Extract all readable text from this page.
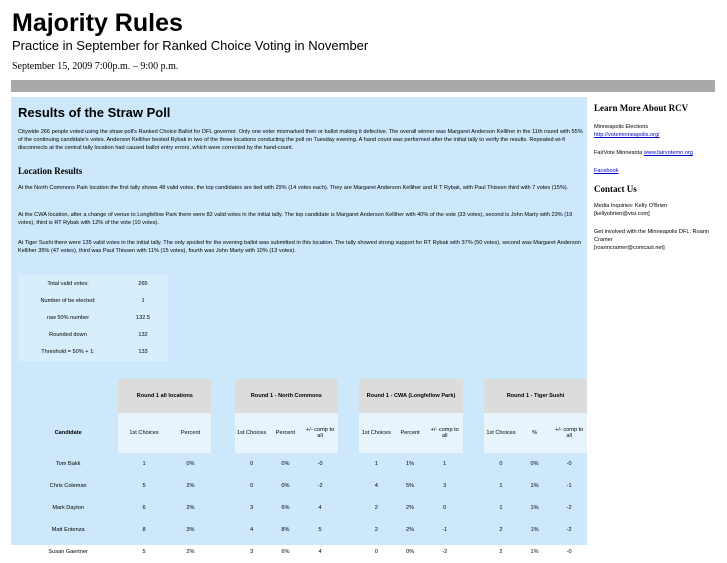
Majority Rules

Practice in September for Ranked Choice Voting in November

September 15, 2009 7:00p.m. – 9:00 p.m.
Results of the Straw Poll

Citywide 266 people voted using the straw poll's Ranked Choice Ballot for DFL governor. Only one voter mismarked their or ballot making it defective. The overall winner was Margaret Anderson Kelliher in the 11th round with 55% of the continuing candidate's votes. Anderson Kelliher bested Rybak in two of the three locations conducting the poll on Tuesday evening. A hand count was performed after the initial tally to verify the results. Repeated wi-fi disconnects at the central tally location had caused ballot entry errors, which were corrected by the hand-count.

Location Results

At the North Commons Park location the first tally shows 48 valid votes, the top candidates are tied with 29% (14 votes each). They are Margaret Anderson Kelliher and R T Rybak, with Paul Thissen third with 7 votes (15%).

At the CWA location, after a change of venue to Longfellow Park there were 82 valid votes in the initial tally. The top candidate is Margaret Anderson Kelliher with 40% of the vote (33 votes), second is John Marty with 23% (19 votes), third is RT Rybak with 12% of the vote (10 votes).

At Tiger Sushi there were 135 valid votes in the initial tally. The only spoiled for the evening ballot was submitted in this location. The tally showed strong support for RT Rybak with 37% (50 votes), second was Margaret Anderson Kelliher 35% (47 votes), third was Paul Thissen with 11% (15 votes), fourth was John Marty with 10% (13 votes).

Total valid votes:	265
Number of be elected:	1
raw 50% number	132.5
Rounded down	132
Threshold = 50% + 1:	133
	Round 1 all locations			Round 1 - North Commons				Round 1 - CWA (Longfellow Park)				Round 1 - Tiger Sushi		
Candidate	1st Choices	Percent		1st Choices	Percent	+/- comp to all		1st Choices	Percent	+/- comp to all		1st Choices	%	+/- comp to all
Tom Bakk	1	0%		0	0%	-0		1	1%	1		0	0%	-0
Chris Coleman	5	2%		0	0%	-2		4	5%	3		1	1%	-1
Mark Dayton	6	2%		3	6%	4		2	2%	0		1	1%	-2
Matt Entenza	8	3%		4	8%	5		2	2%	-1		2	1%	-2
Susan Gaertner	5	2%		3	6%	4		0	0%	-2		2	1%	-0
Learn More About RCV
Minneapolis Elections
http://voteminneapolis.org/
FairVote Minnesota www.fairvotemn.org
Facebook
Contact Us
Media Inquiries: Kelly O'Brien
[kellyobrien@visi.com]
Get involved with the Minneapolis DFL: Roann Cramer
[roanncramer@comcast.net]
